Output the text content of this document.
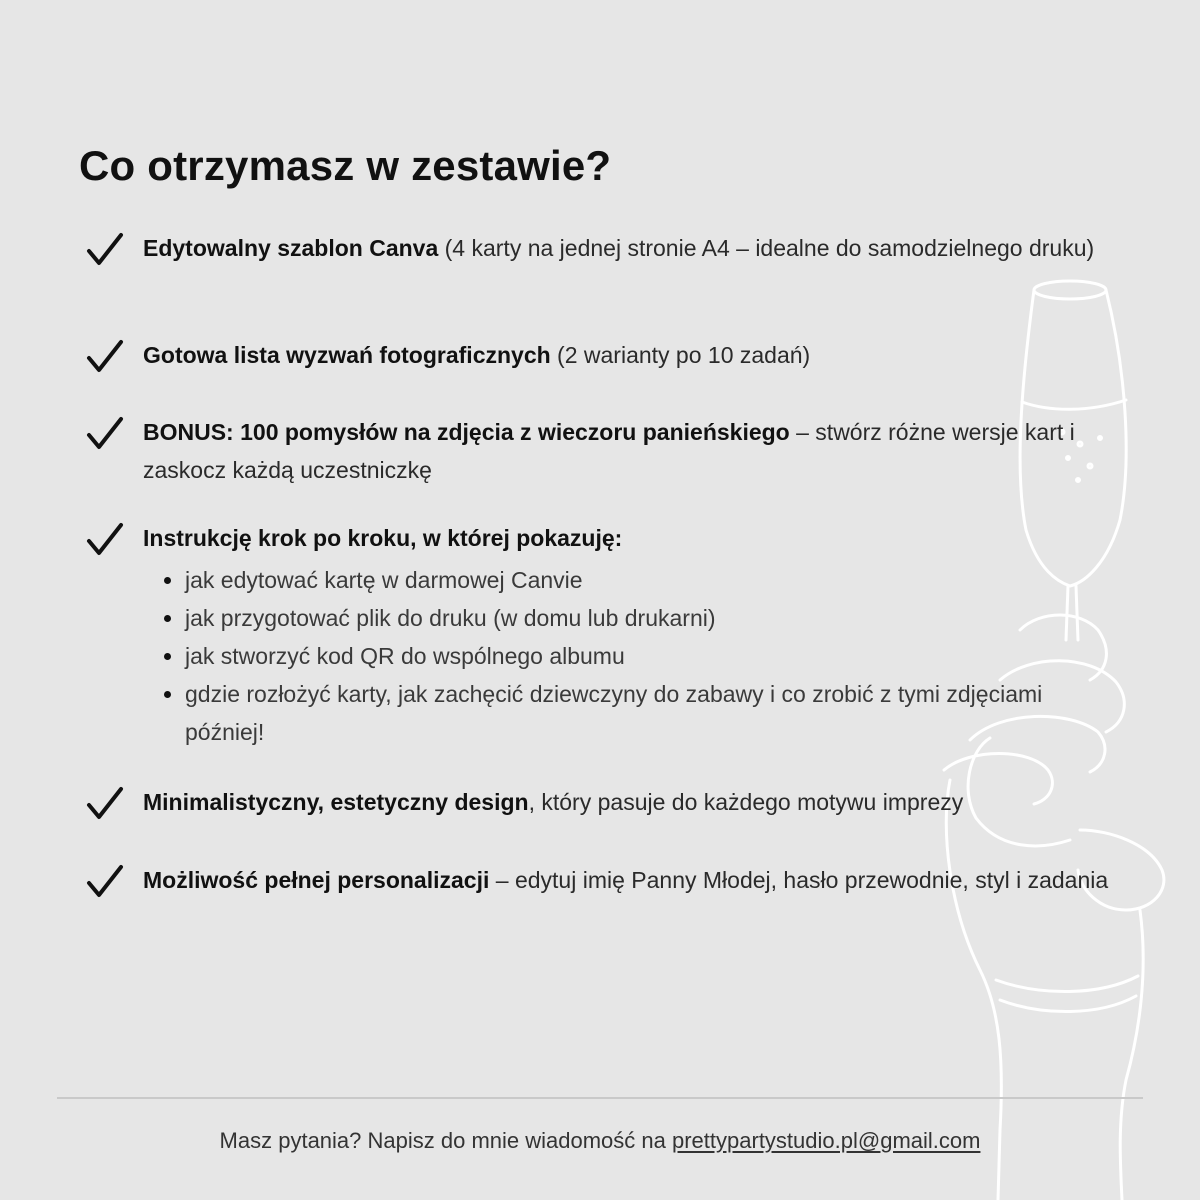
Co otrzymasz w zestawie?
Edytowalny szablon Canva (4 karty na jednej stronie A4 – idealne do samodzielnego druku)
Gotowa lista wyzwań fotograficznych (2 warianty po 10 zadań)
BONUS: 100 pomysłów na zdjęcia z wieczoru panieńskiego – stwórz różne wersje kart i zaskocz każdą uczestniczkę
Instrukcję krok po kroku, w której pokazuję:
jak edytować kartę w darmowej Canvie
jak przygotować plik do druku (w domu lub drukarni)
jak stworzyć kod QR do wspólnego albumu
gdzie rozłożyć karty, jak zachęcić dziewczyny do zabawy i co zrobić z tymi zdjęciami później!
Minimalistyczny, estetyczny design, który pasuje do każdego motywu imprezy
Możliwość pełnej personalizacji – edytuj imię Panny Młodej, hasło przewodnie, styl i zadania
Masz pytania? Napisz do mnie wiadomość na prettypartystudio.pl@gmail.com
